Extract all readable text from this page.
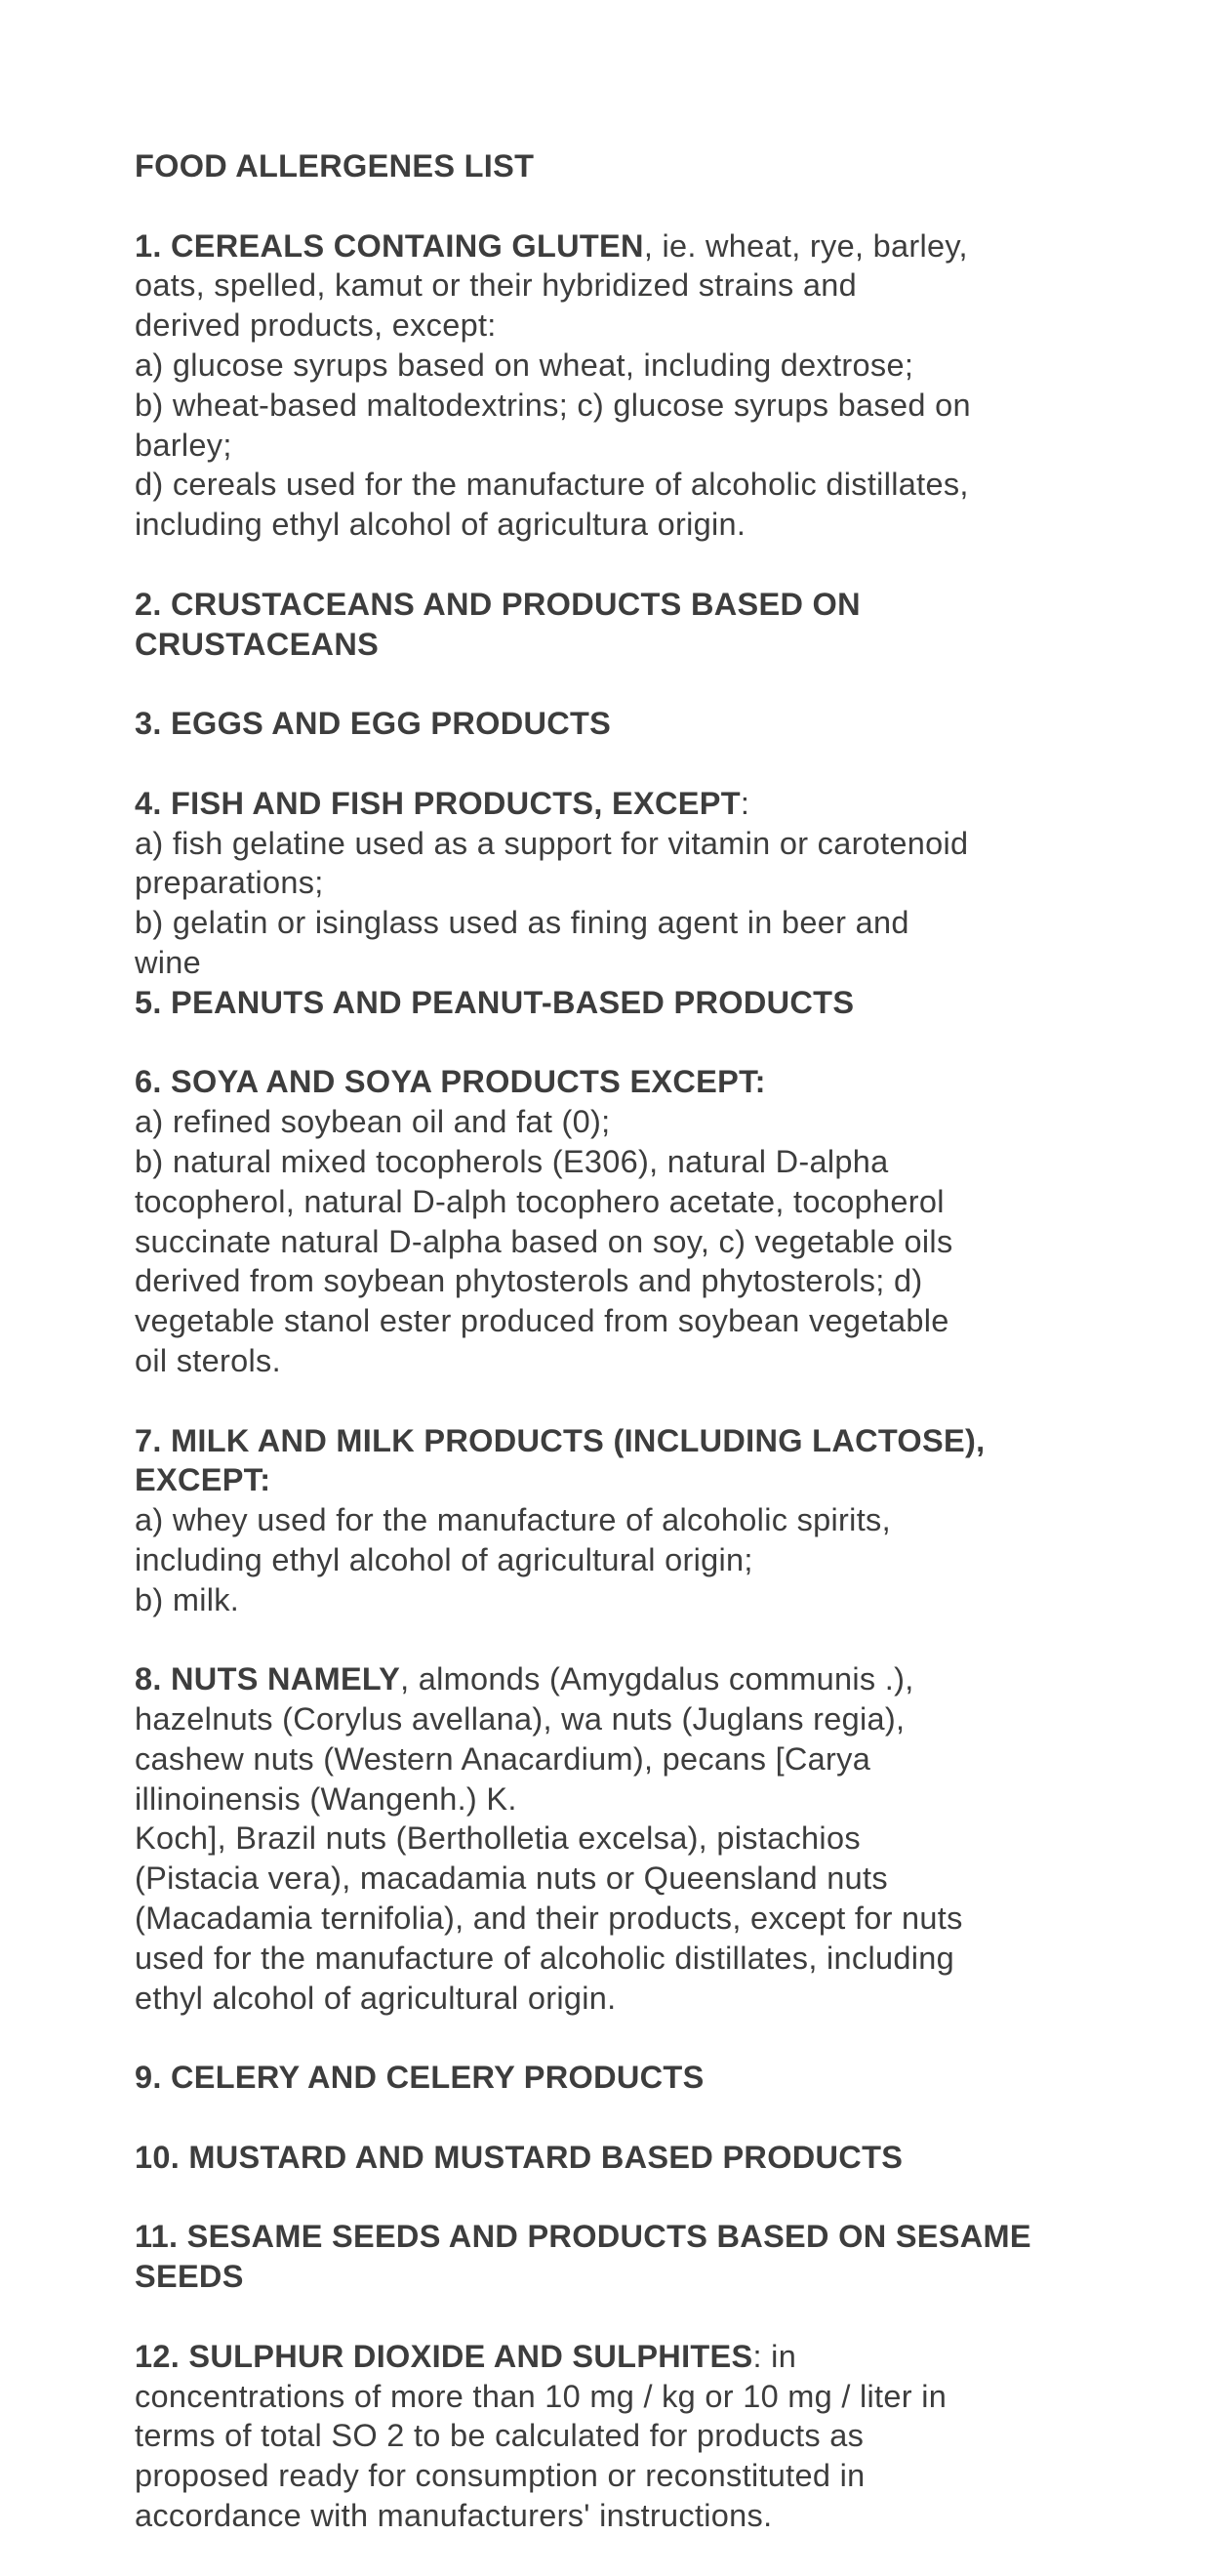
FOOD ALLERGENES LIST

1. CEREALS CONTAING GLUTEN, ie. wheat, rye, barley,
oats, spelled, kamut or their hybridized strains and
derived products, except:
a) glucose syrups based on wheat, including dextrose;
b) wheat-based maltodextrins; c) glucose syrups based on
barley;
d) cereals used for the manufacture of alcoholic distillates,
including ethyl alcohol of agricultura origin.
2. CRUSTACEANS AND PRODUCTS BASED ON
CRUSTACEANS
3. EGGS AND EGG PRODUCTS
4. FISH AND FISH PRODUCTS, EXCEPT:
a) fish gelatine used as a support for vitamin or carotenoid
preparations;
b) gelatin or isinglass used as fining agent in beer and
wine
5. PEANUTS AND PEANUT-BASED PRODUCTS
6. SOYA AND SOYA PRODUCTS EXCEPT:
a) refined soybean oil and fat (0);
b) natural mixed tocopherols (E306), natural D-alpha
tocopherol, natural D-alph tocophero acetate, tocopherol
succinate natural D-alpha based on soy, c) vegetable oils
derived from soybean phytosterols and phytosterols; d)
vegetable stanol ester produced from soybean vegetable
oil sterols.
7. MILK AND MILK PRODUCTS (INCLUDING LACTOSE),
EXCEPT:
a) whey used for the manufacture of alcoholic spirits,
including ethyl alcohol of agricultural origin;
b) milk.
8. NUTS NAMELY, almonds (Amygdalus communis .),
hazelnuts (Corylus avellana), wa nuts (Juglans regia),
cashew nuts (Western Anacardium), pecans [Carya
illinoinensis (Wangenh.) K.
Koch], Brazil nuts (Bertholletia excelsa), pistachios
(Pistacia vera), macadamia nuts or Queensland nuts
(Macadamia ternifolia), and their products, except for nuts
used for the manufacture of alcoholic distillates, including
ethyl alcohol of agricultural origin.
9. CELERY AND CELERY PRODUCTS
10. MUSTARD AND MUSTARD BASED PRODUCTS
11. SESAME SEEDS AND PRODUCTS BASED ON SESAME
SEEDS
12. SULPHUR DIOXIDE AND SULPHITES: in
concentrations of more than 10 mg / kg or 10 mg / liter in
terms of total SO 2 to be calculated for products as
proposed ready for consumption or reconstituted in
accordance with manufacturers' instructions.
